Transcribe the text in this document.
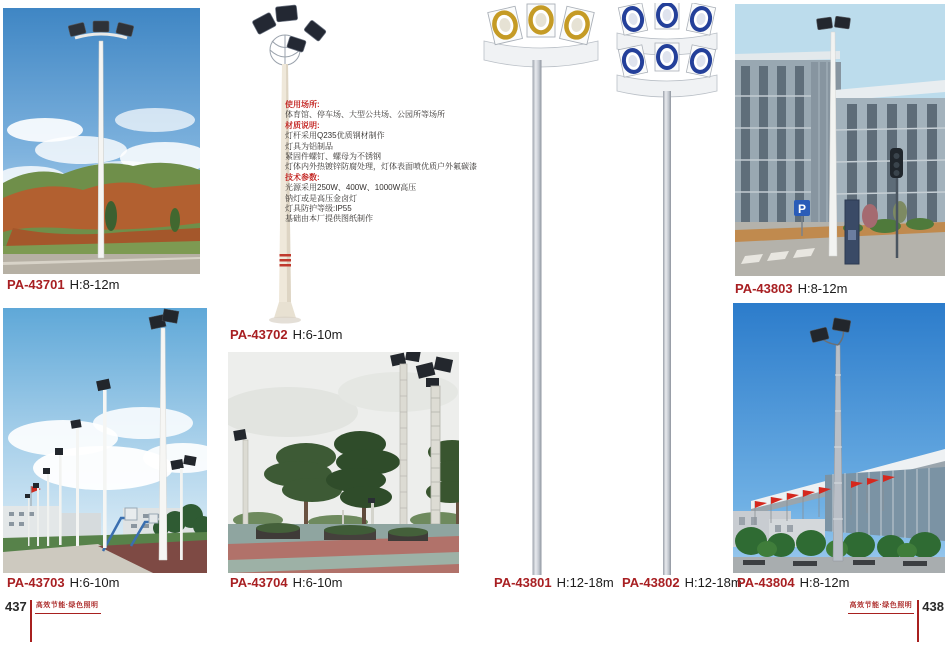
PA-43701 H:8-12m
PA-43702 H:6-10m

使用场所:

体育馆、停车场、大型公共场、公园所等场所

材质说明:

灯杆采用Q235优质钢材制作

灯具为铝制品

紧固件螺钉、螺母为不锈钢

灯体内外热镀锌防腐处理，灯体表面喷优质户外氟碳漆

技术参数:

光源采用250W、400W、1000W高压

钠灯或是高压金卤灯

灯具防护等级:IP55

基础由本厂提供图纸制作

PA-43801 H:12-18m PA-43802 H:12-18m
P
PA-43803 H:8-12m
PA-43703 H:6-10m	PA-43704 H:6-10m	PA-43804 H:8-12m
437 高效节能·绿色照明	高效节能·绿色照明 438
